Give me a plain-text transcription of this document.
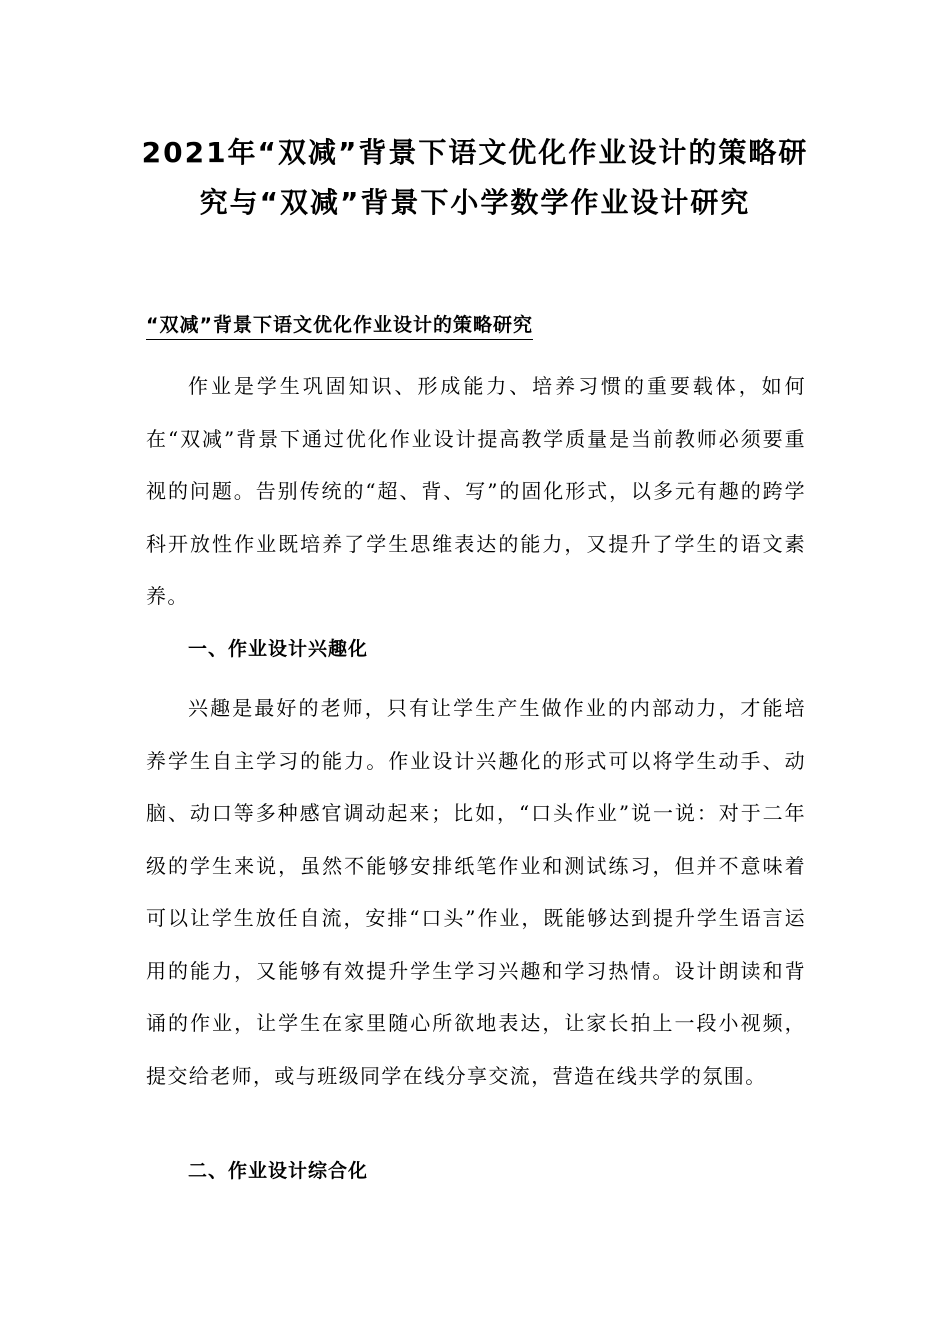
2021年“双减”背景下语文优化作业设计的策略研
究与“双减”背景下小学数学作业设计研究
“双减”背景下语文优化作业设计的策略研究
作业是学生巩固知识、形成能力、培养习惯的重要载体，如何在“双减”背景下通过优化作业设计提高教学质量是当前教师必须要重视的问题。告别传统的“超、背、写”的固化形式，以多元有趣的跨学科开放性作业既培养了学生思维表达的能力，又提升了学生的语文素养。
一、作业设计兴趣化
兴趣是最好的老师，只有让学生产生做作业的内部动力，才能培养学生自主学习的能力。作业设计兴趣化的形式可以将学生动手、动脑、动口等多种感官调动起来；比如，“口头作业”说一说：对于二年级的学生来说，虽然不能够安排纸笔作业和测试练习，但并不意味着可以让学生放任自流，安排“口头”作业，既能够达到提升学生语言运用的能力，又能够有效提升学生学习兴趣和学习热情。设计朗读和背诵的作业，让学生在家里随心所欲地表达，让家长拍上一段小视频，提交给老师，或与班级同学在线分享交流，营造在线共学的氛围。
二、作业设计综合化
